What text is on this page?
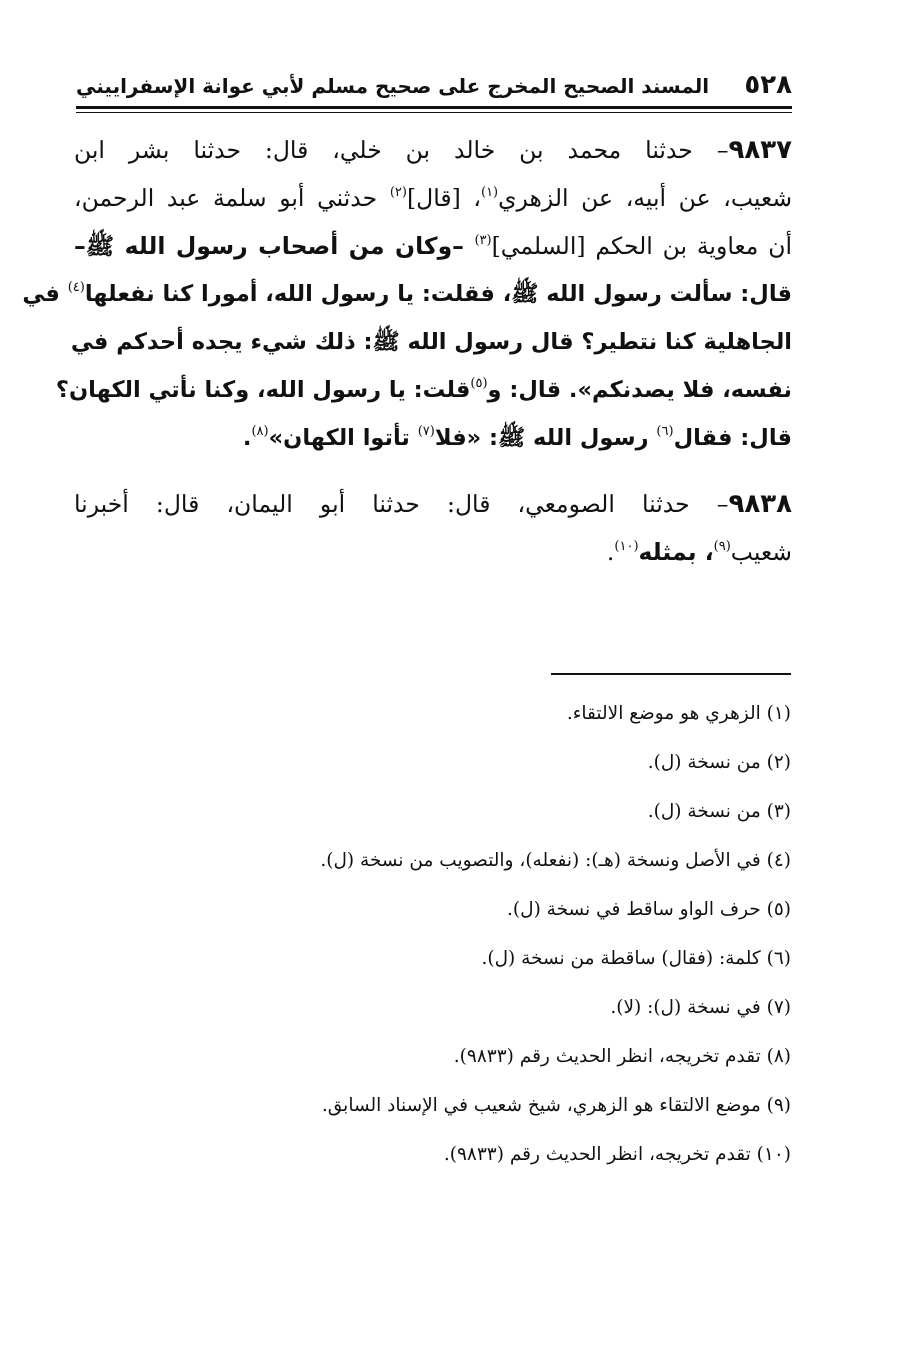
٥٢٨
المسند الصحيح المخرج على صحيح مسلم لأبي عوانة الإسفراييني
٩٨٣٧– حدثنا محمد بن خالد بن خلي، قال: حدثنا بشر ابن
شعيب، عن أبيه، عن الزهري$^{(١)}$، [قال]$^{(٢)}$ حدثني أبو سلمة عبد الرحمن،
أن معاوية بن الحكم [السلمي]$^{(٣)}$ –وكان من أصحاب رسول الله ﷺ–
قال: سألت رسول الله ﷺ، فقلت: يا رسول الله، أمورا كنا نفعلها$^{(٤)}$ في
الجاهلية كنا نتطير؟ قال رسول الله ﷺ: ذلك شيء يجده أحدكم في
نفسه، فلا يصدنكم». قال: و$^{(٥)}$قلت: يا رسول الله، وكنا نأتي الكهان؟
قال: فقال$^{(٦)}$ رسول الله ﷺ: «فلا$^{(٧)}$ تأتوا الكهان»$^{(٨)}$.
٩٨٣٨– حدثنا الصومعي، قال: حدثنا أبو اليمان، قال: أخبرنا
شعيب$^{(٩)}$، بمثله$^{(١٠)}$.
(١) الزهري هو موضع الالتقاء.
(٢) من نسخة (ل).
(٣) من نسخة (ل).
(٤) في الأصل ونسخة (هـ): (نفعله)، والتصويب من نسخة (ل).
(٥) حرف الواو ساقط في نسخة (ل).
(٦) كلمة: (فقال) ساقطة من نسخة (ل).
(٧) في نسخة (ل): (لا).
(٨) تقدم تخريجه، انظر الحديث رقم (٩٨٣٣).
(٩) موضع الالتقاء هو الزهري، شيخ شعيب في الإسناد السابق.
(١٠) تقدم تخريجه، انظر الحديث رقم (٩٨٣٣).
